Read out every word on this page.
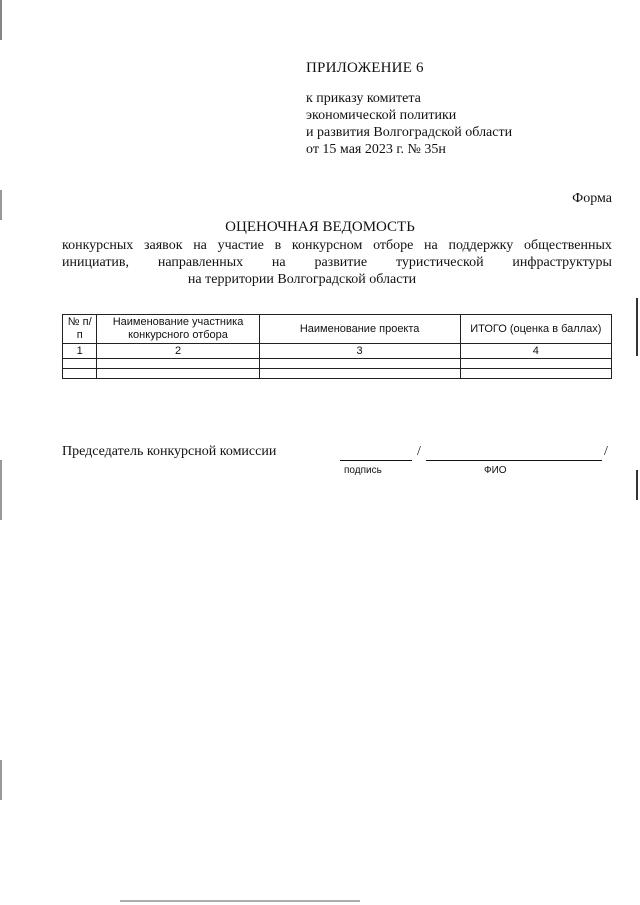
ПРИЛОЖЕНИЕ 6
к приказу комитета
экономической политики
и развития Волгоградской области
от 15 мая 2023 г. № 35н
Форма
ОЦЕНОЧНАЯ ВЕДОМОСТЬ
конкурсных заявок на участие в конкурсном отборе на поддержку общественных
инициатив, направленных на развитие туристической инфраструктуры
на территории Волгоградской области
№ п/п	Наименование участника конкурсного отбора	Наименование проекта	ИТОГО (оценка в баллах)
1	2	3	4

Председатель конкурсной комиссии	/	/
подпись	ФИО
